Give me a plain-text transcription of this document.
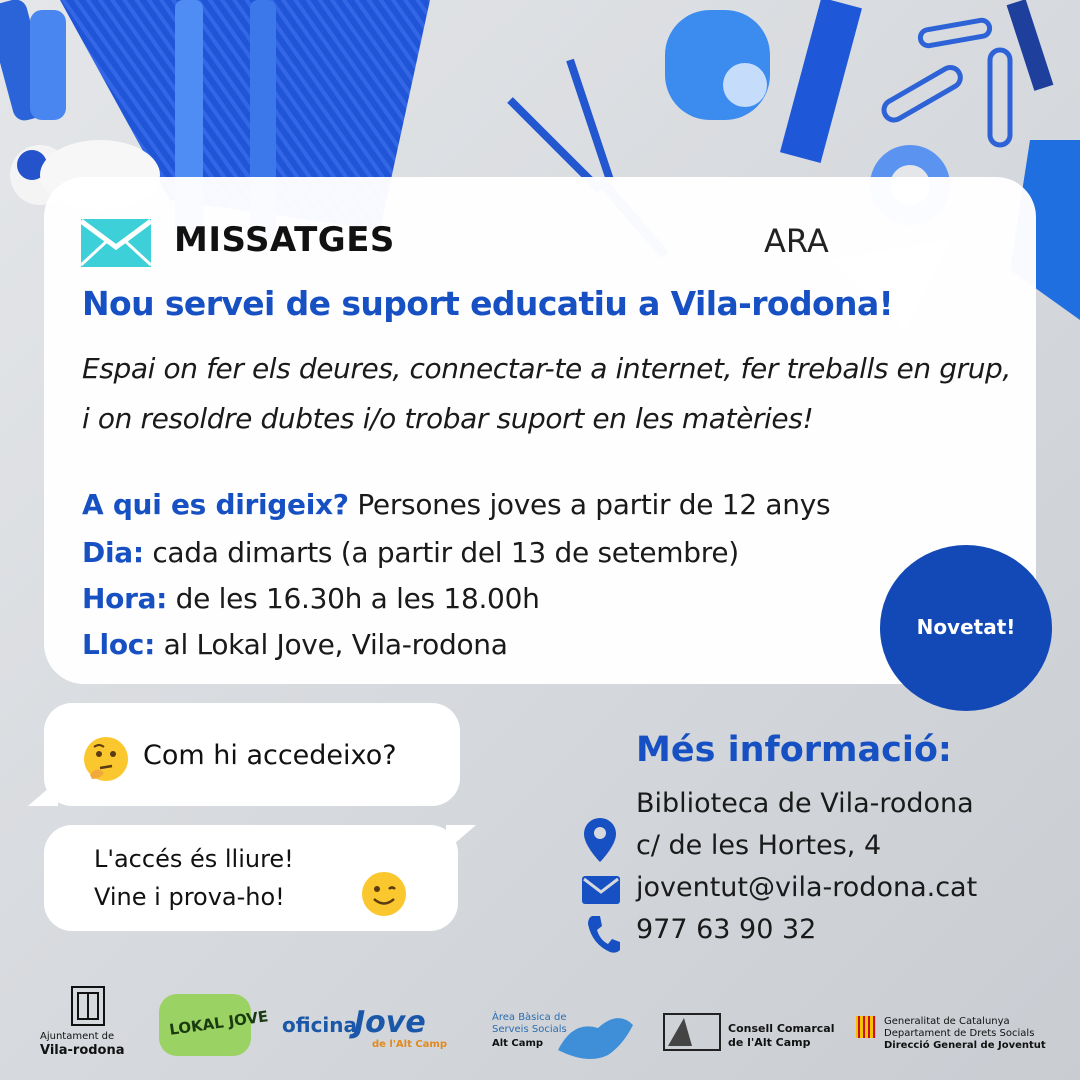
MISSATGES	ARA
Nou servei de suport educatiu a Vila-rodona!
Espai on fer els deures, connectar-te a internet, fer treballs en grup, i on resoldre dubtes i/o trobar suport en les matèries!
A qui es dirigeix? Persones joves a partir de 12 anys
Dia: cada dimarts (a partir del 13 de setembre)
Hora: de les 16.30h a les 18.00h
Lloc: al Lokal Jove, Vila-rodona
Novetat!
Com hi accedeixo?
L'accés és lliure!
Vine i prova-ho!
Més informació:
Biblioteca de Vila-rodona
c/ de les Hortes, 4
joventut@vila-rodona.cat
977 63 90 32
Ajuntament de
Vila-rodona
LOKAL JOVE oficina
Jove
de l'Alt Camp
Àrea Bàsica de
Serveis Socials
Alt Camp
Consell Comarcal
de l'Alt Camp
Generalitat de Catalunya
Departament de Drets Socials
Direcció General de Joventut
